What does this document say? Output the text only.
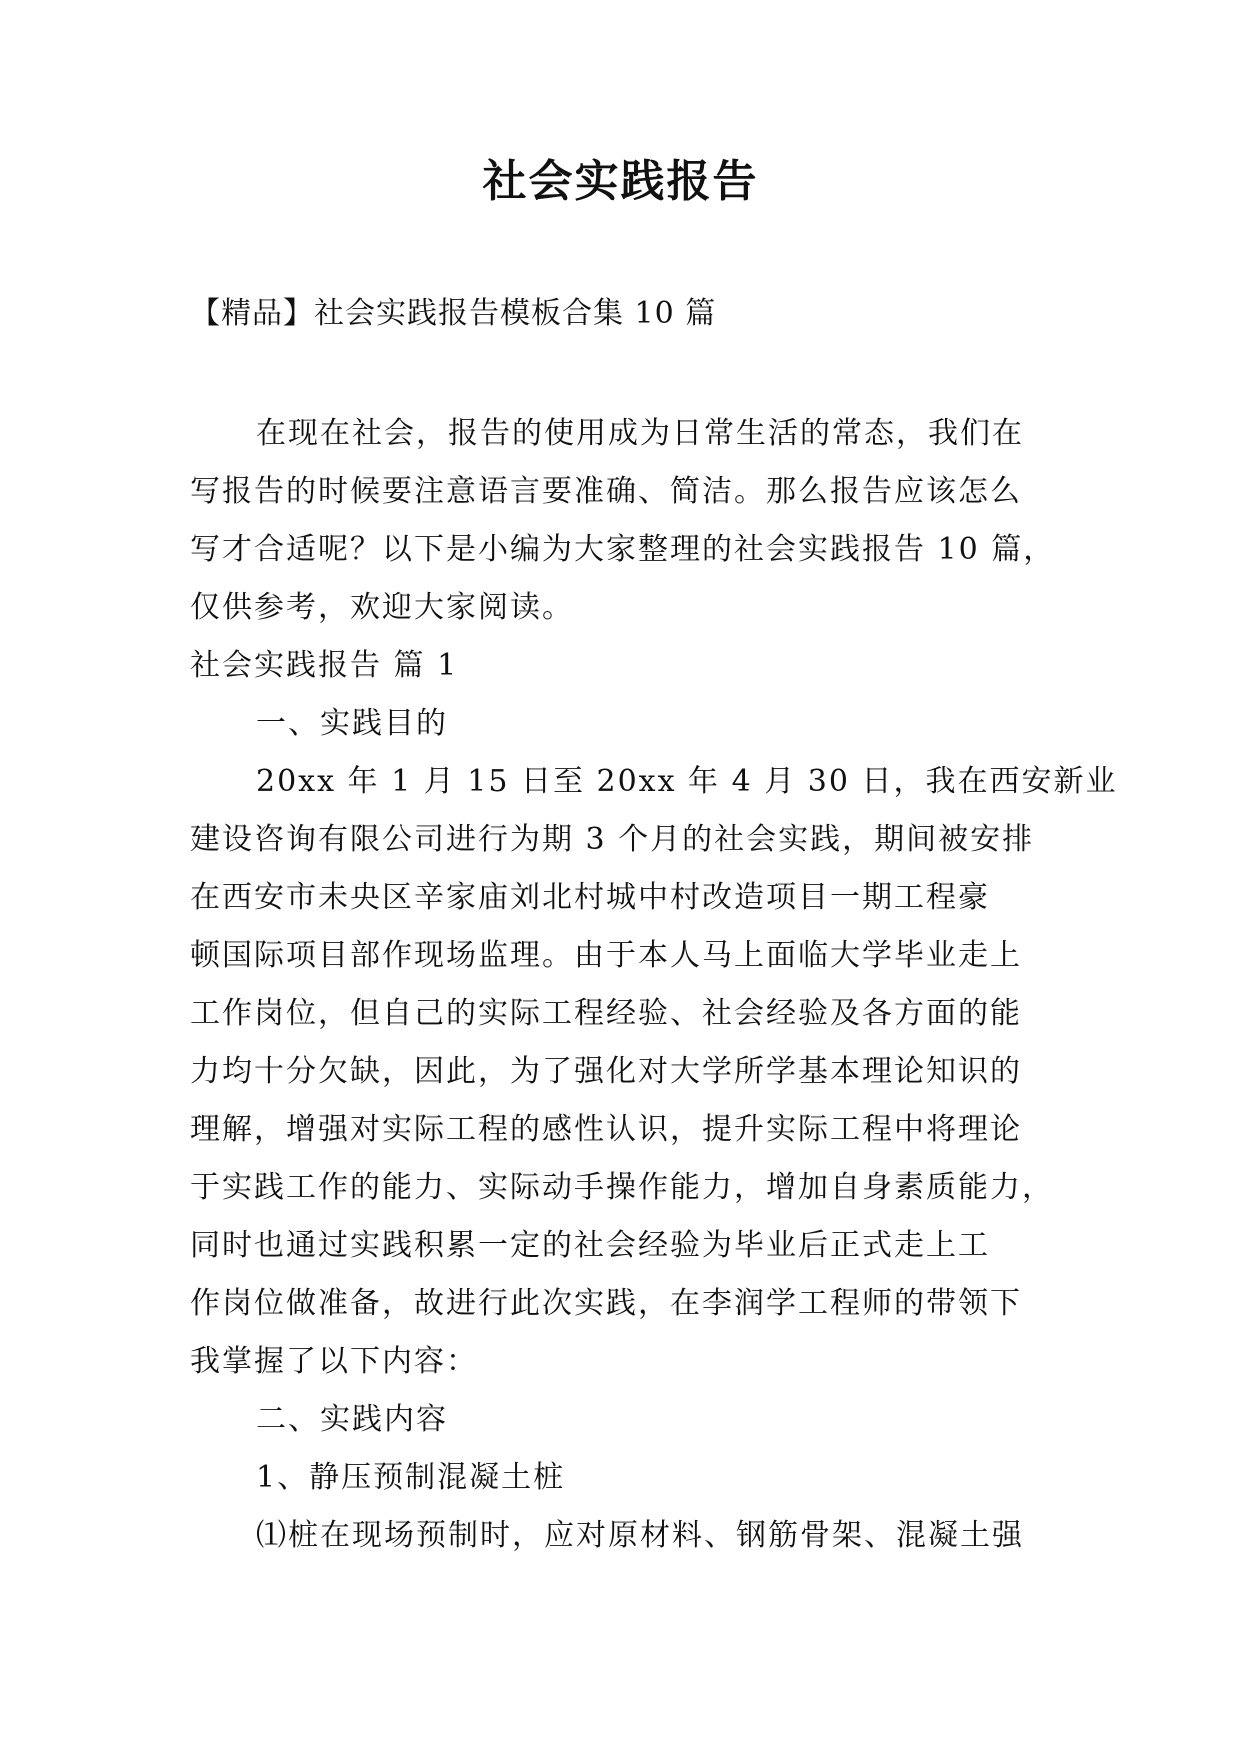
社会实践报告
【精品】社会实践报告模板合集 10 篇
在现在社会，报告的使用成为日常生活的常态，我们在
写报告的时候要注意语言要准确、简洁。那么报告应该怎么
写才合适呢？以下是小编为大家整理的社会实践报告 10 篇，
仅供参考，欢迎大家阅读。
社会实践报告 篇 1
一、实践目的
20xx 年 1 月 15 日至 20xx 年 4 月 30 日，我在西安新业
建设咨询有限公司进行为期 3 个月的社会实践，期间被安排
在西安市未央区辛家庙刘北村城中村改造项目一期工程豪
顿国际项目部作现场监理。由于本人马上面临大学毕业走上
工作岗位，但自己的实际工程经验、社会经验及各方面的能
力均十分欠缺，因此，为了强化对大学所学基本理论知识的
理解，增强对实际工程的感性认识，提升实际工程中将理论
于实践工作的能力、实际动手操作能力，增加自身素质能力，
同时也通过实践积累一定的社会经验为毕业后正式走上工
作岗位做准备，故进行此次实践，在李润学工程师的带领下
我掌握了以下内容：
二、实践内容
1、静压预制混凝土桩
⑴桩在现场预制时，应对原材料、钢筋骨架、混凝土强
